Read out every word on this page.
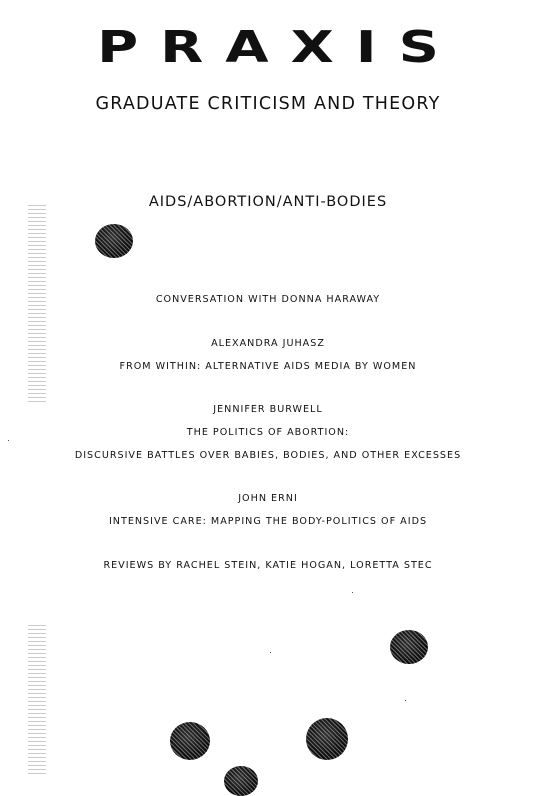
PRAXIS
GRADUATE CRITICISM AND THEORY
AIDS/ABORTION/ANTI-BODIES
CONVERSATION WITH DONNA HARAWAY
ALEXANDRA JUHASZ
FROM WITHIN: ALTERNATIVE AIDS MEDIA BY WOMEN
JENNIFER BURWELL
THE POLITICS OF ABORTION:
DISCURSIVE BATTLES OVER BABIES, BODIES, AND OTHER EXCESSES
JOHN ERNI
INTENSIVE CARE: MAPPING THE BODY-POLITICS OF AIDS
REVIEWS BY RACHEL STEIN, KATIE HOGAN, LORETTA STEC
